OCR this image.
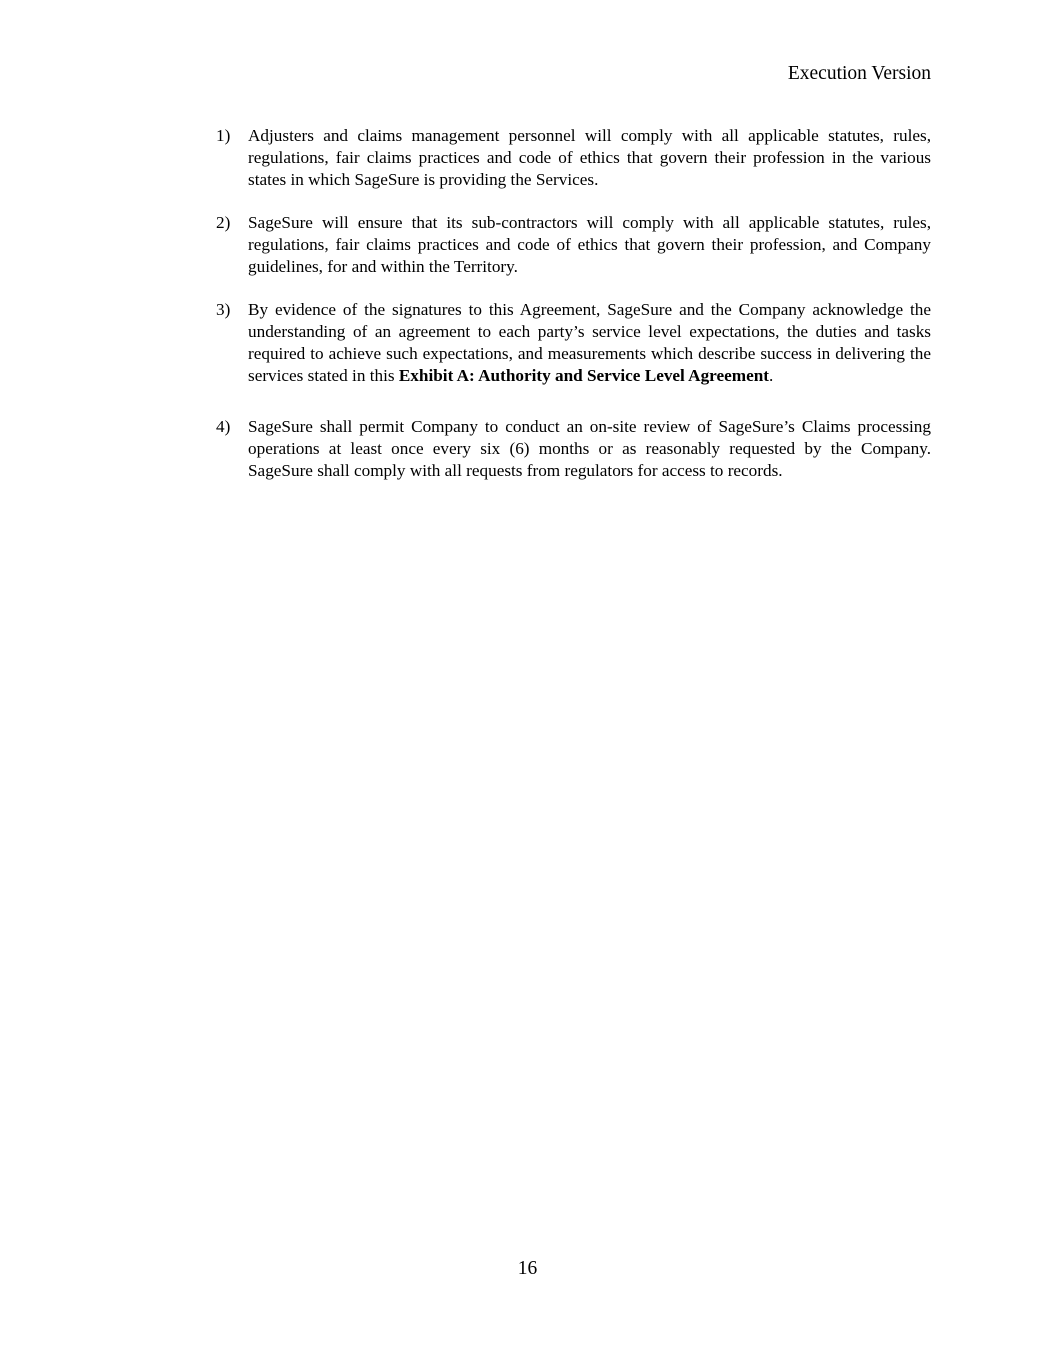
Execution Version
1) Adjusters and claims management personnel will comply with all applicable statutes, rules, regulations, fair claims practices and code of ethics that govern their profession in the various states in which SageSure is providing the Services.
2) SageSure will ensure that its sub-contractors will comply with all applicable statutes, rules, regulations, fair claims practices and code of ethics that govern their profession, and Company guidelines, for and within the Territory.
3) By evidence of the signatures to this Agreement, SageSure and the Company acknowledge the understanding of an agreement to each party’s service level expectations, the duties and tasks required to achieve such expectations, and measurements which describe success in delivering the services stated in this Exhibit A: Authority and Service Level Agreement.
4) SageSure shall permit Company to conduct an on-site review of SageSure’s Claims processing operations at least once every six (6) months or as reasonably requested by the Company. SageSure shall comply with all requests from regulators for access to records.
16
